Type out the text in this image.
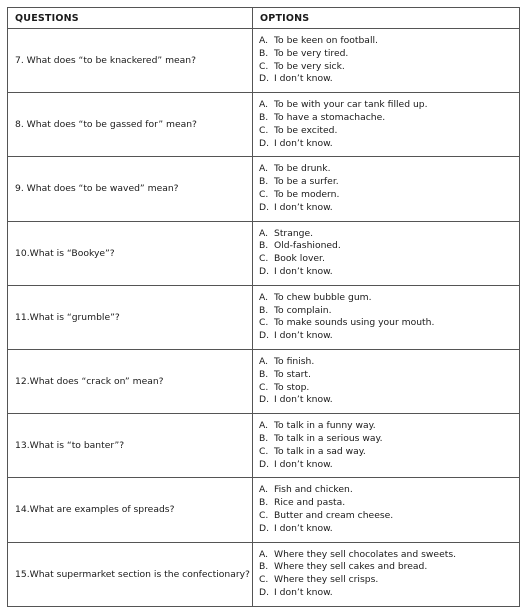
QUESTIONS	OPTIONS
7. What does “to be knackered” mean?	A. To be keen on football.
B. To be very tired.
C. To be very sick.
D. I don’t know.

8. What does “to be gassed for” mean?	A. To be with your car tank filled up.
B. To have a stomachache.
C. To be excited.
D. I don’t know.

9. What does “to be waved” mean?	A. To be drunk.
B. To be a surfer.
C. To be modern.
D. I don’t know.

10.What is “Bookye”?	A. Strange.
B. Old-fashioned.
C. Book lover.
D. I don’t know.

11.What is “grumble”?	A. To chew bubble gum.
B. To complain.
C. To make sounds using your mouth.
D. I don’t know.

12.What does “crack on” mean?	A. To finish.
B. To start.
C. To stop.
D. I don’t know.

13.What is “to banter”?	A. To talk in a funny way.
B. To talk in a serious way.
C. To talk in a sad way.
D. I don’t know.

14.What are examples of spreads?	A. Fish and chicken.
B. Rice and pasta.
C. Butter and cream cheese.
D. I don’t know.

15.What supermarket section is the confectionary?	A. Where they sell chocolates and sweets.
B. Where they sell cakes and bread.
C. Where they sell crisps.
D. I don’t know.
